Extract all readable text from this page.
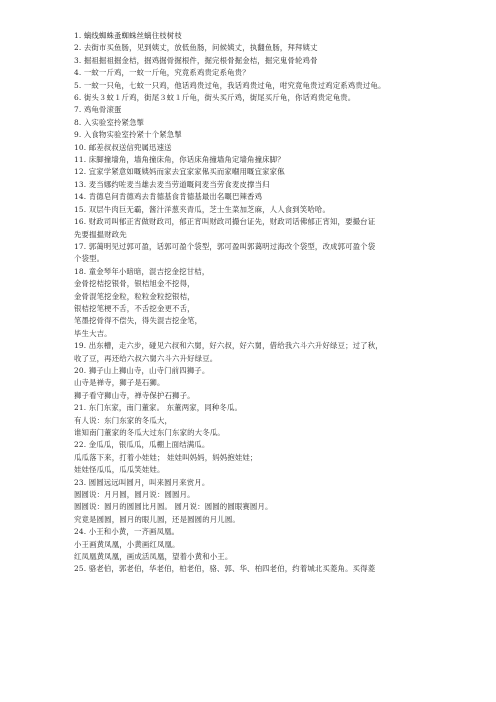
1. 螭线蜘蛛蚤蜘蛛丝螭住枝树枝
2. 去街市买鱼肠，见到姨丈，放低鱼肠，问候姨丈，执翻鱼肠，拜拜姨丈
3. 掘祖掘祖掘金桔，掘鸡掘骨掘根件，掘完根骨掘金桔，掘完鬼骨轮鸡骨
4. 一蚊一斤鸡，一蚊一斤龟，究竟系鸡贵定系龟贵？
5. 一蚊一只龟，七蚊一只鸡，他话鸡贵过龟，我话鸡贵过龟，咁究竟龟贵过鸡定系鸡贵过龟。
6. 街头３蚊１斤鸡，街尾３蚊１斤龟，街头买斤鸡，街尾买斤龟，你话鸡贵定龟贵。
7. 鸡龟骨滚蛋
8. 入实验室拎紧急掣
9. 入食物实验室拎紧十个紧急掣
10. 邮差叔叔送信兜属迅速送
11. 床脚撞墙角，墙角撞床角，你话床角撞墙角定墙角撞床脚？
12. 宜家学紧意如嘅姨妈而家去宜家家俬买而家嗰用嘅宜家家俬
13. 麦当娜约咗麦当雄去麦当劳道嘅间麦当劳食麦皮撑当归
14. 肯德皂问肯德鸡去肯德基食肯德基最出名嘅巴辣香鸡
15. 双层牛肉巨无霸，酱汁洋葱夹青瓜，芝士生菜加芝麻，人人食到笑哈哈。
16. 财政司叫郁正宵做财政司，郁正宵叫财政司撮台证先，财政司话佛郁正宵知，要撮台证
先要揾揾财政先
17. 郭蔼明见过郭可盈，话郭可盈个袋型，郭可盈叫郭蔼明过海改个袋型，改成郭可盈个袋
个袋型。
18. 童金琴年小暗暗，混吉挖金挖甘桔，
金骨挖桔挖银骨，银桔旭金不挖得，
金骨混笔挖金粒，粒粒金粒挖银桔，
银桔挖笔梗不舌，不舌挖金更不舌，
笔墨挖骨得不偿失，得失混吉挖金笔，
毕生大吉。
19. 出东槽，走六步，碰见六叔和六舅，好六叔，好六舅，借给我六斗六升好绿豆；过了秋，
收了豆，再还给六叔六舅六斗六升好绿豆。
20. 狮子山上狮山寺，山寺门前四狮子。
山寺是禅寺，狮子是石狮。
狮子看守狮山寺，禅寺保护石狮子。
21. 东门东家，南门董家。 东董两家，同种冬瓜。
有人说：东门东家的冬瓜大，
谁知南门董家的冬瓜大过东门东家的大冬瓜。
22. 金瓜瓜，银瓜瓜，瓜棚上面结满瓜。
瓜瓜落下来，打着小娃娃； 娃娃叫妈妈，妈妈抱娃娃；
娃娃怪瓜瓜，瓜瓜笑娃娃。
23. 圆圆远远叫圆月，叫来圆月来赏月。
圆圆说：月月圆，圆月说：圆圆月。
圆圆说：圆月的圆圆比月圆。 圆月说：圆圆的圆眼赛圆月。
究竟是圆圆，圆月的眼儿圆，还是圆圆的月儿圆。
24. 小王和小黄，一齐画凤凰。
小王画黄凤凰，小黄画红凤凰。
红凤凰黄凤凰，画成活凤凰，望着小黄和小王。
25. 骆老伯，郭老伯，华老伯，柏老伯，骆、郭、华、柏四老伯，约着城北买菱角。买得菱
